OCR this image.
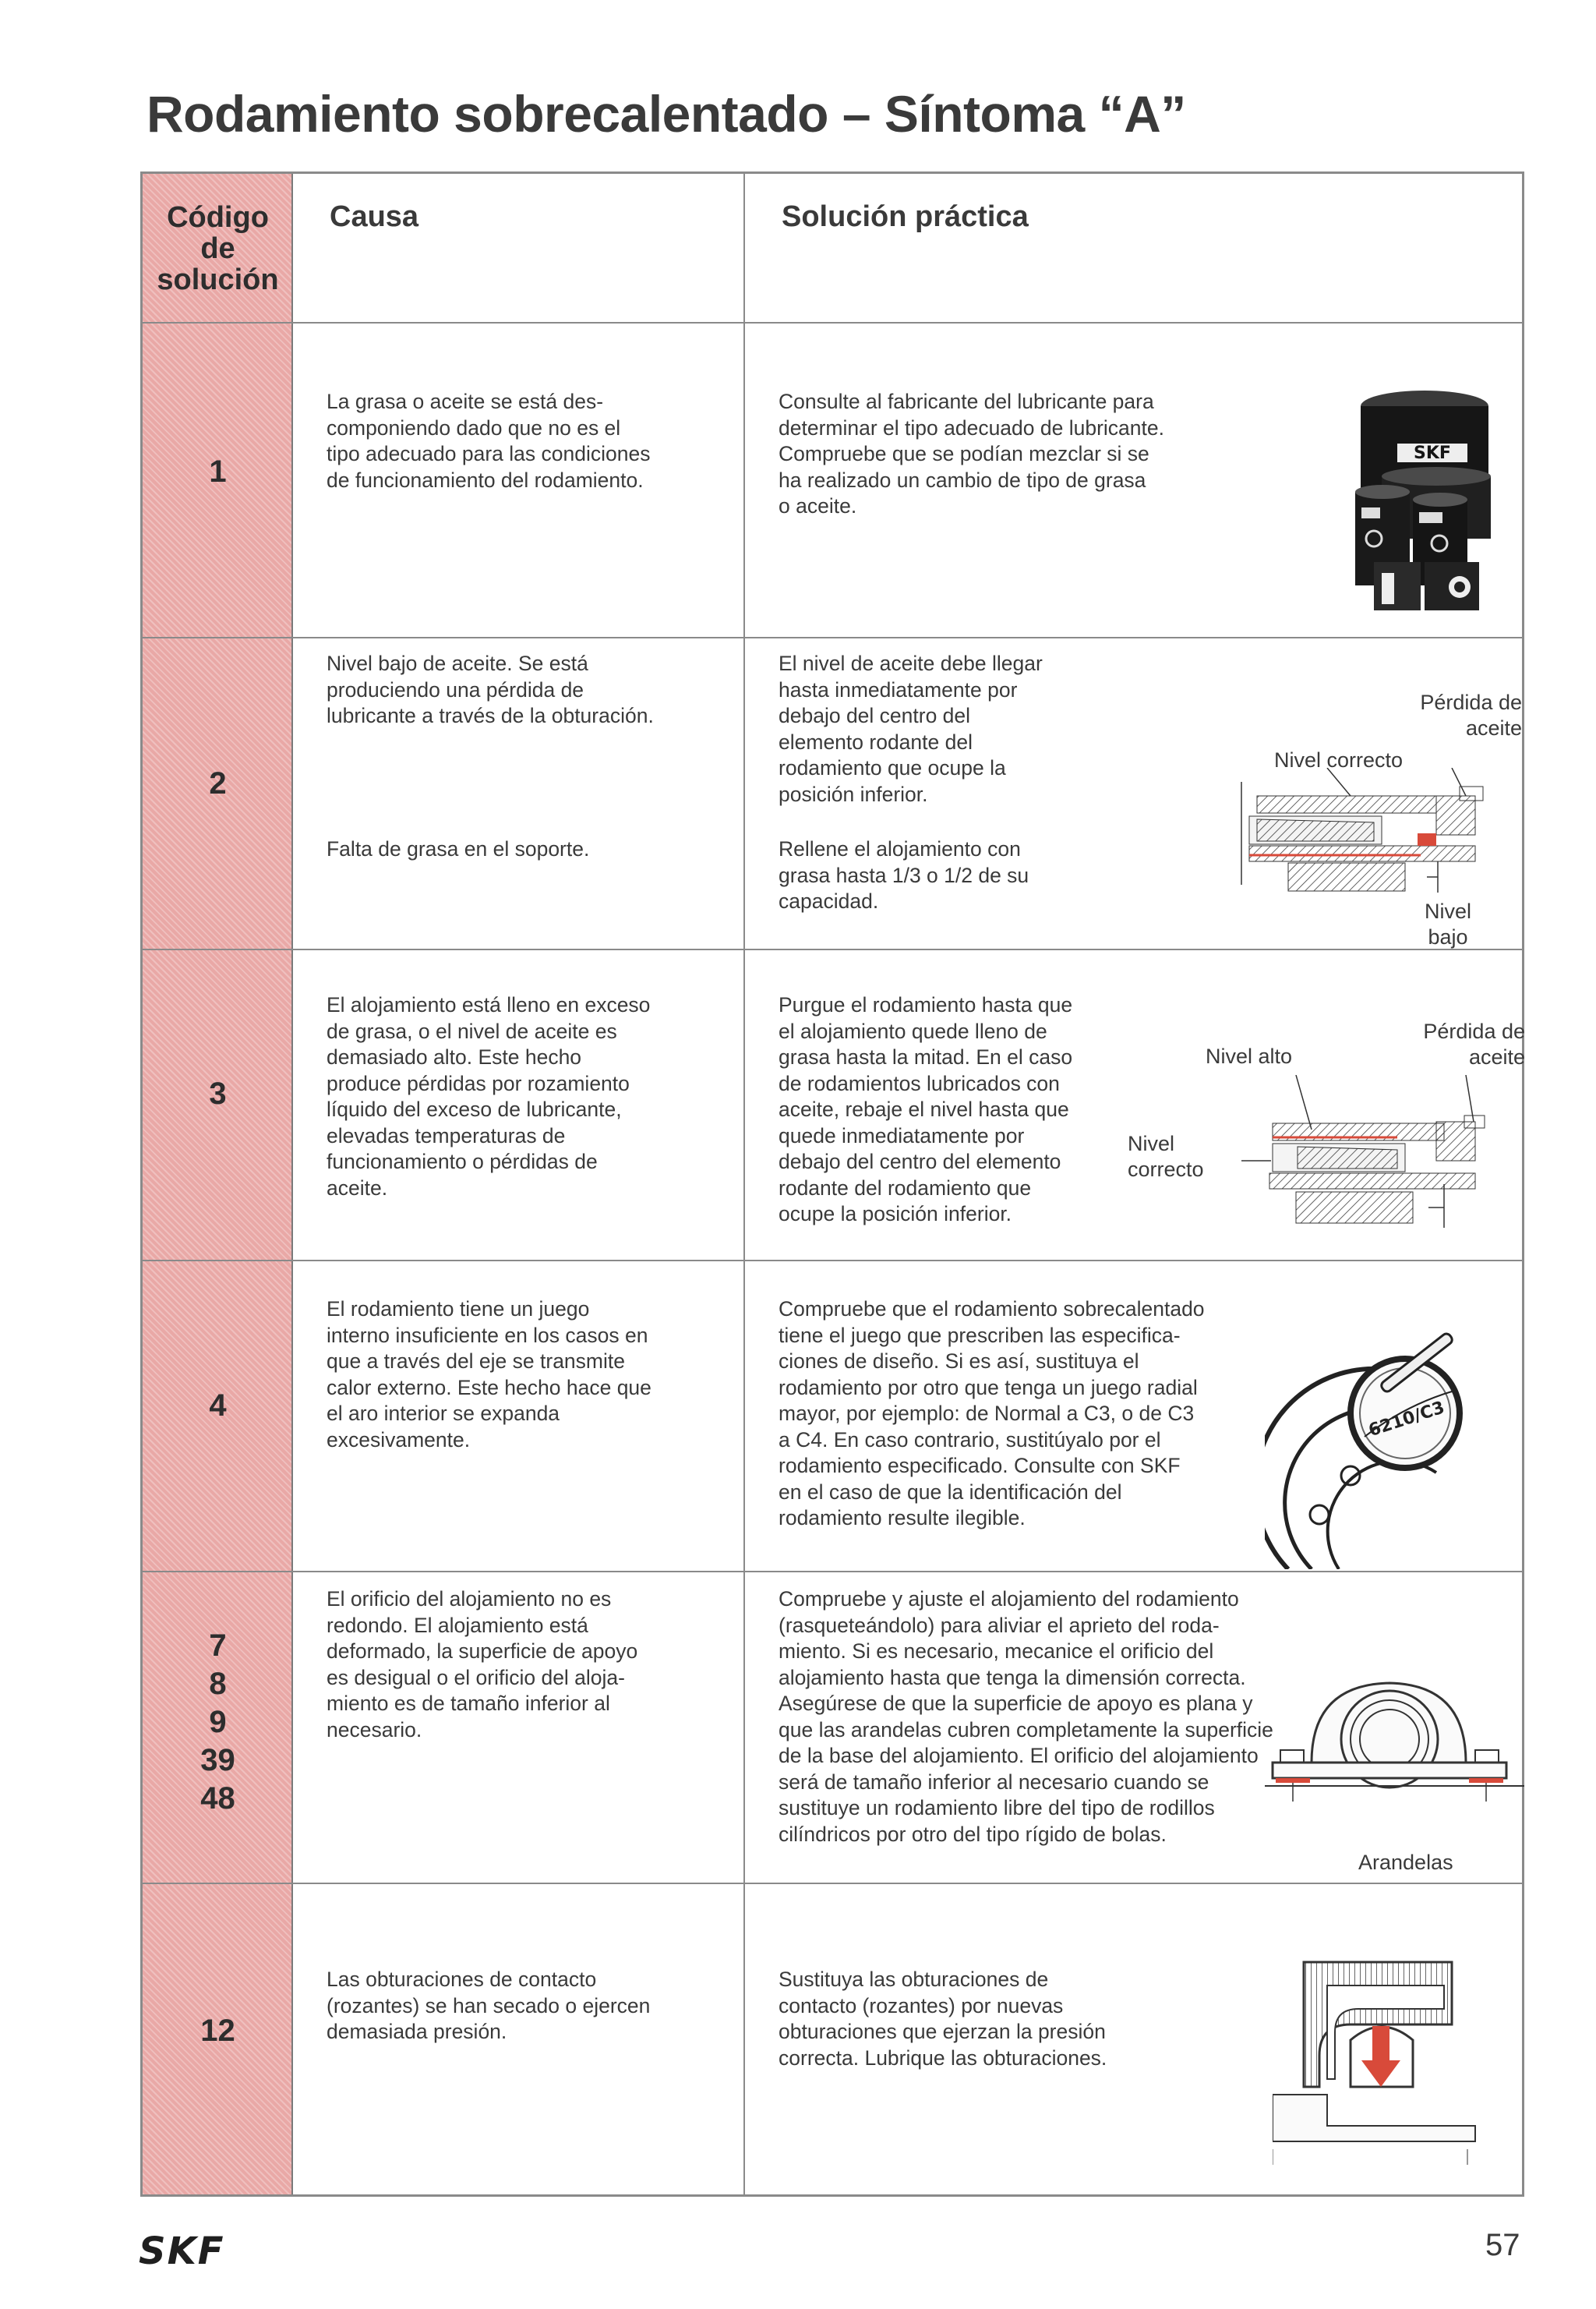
Rodamiento sobrecalentado – Síntoma “A”
Código
de
solución
Causa	Solución práctica
1
La grasa o aceite se está des-
componiendo dado que no es el
tipo adecuado para las condiciones
de funcionamiento del rodamiento.
Consulte al fabricante del lubricante para
determinar el tipo adecuado de lubricante.
Compruebe que se podían mezclar si se
ha realizado un cambio de tipo de grasa
o aceite.
SKF
2
Nivel bajo de aceite. Se está
produciendo una pérdida de
lubricante a través de la obturación.
Falta de grasa en el soporte.
El nivel de aceite debe llegar
hasta inmediatamente por
debajo del centro del
elemento rodante del
rodamiento que ocupe la
posición inferior.
Rellene el alojamiento con
grasa hasta 1/3 o 1/2 de su
capacidad.
Pérdida de
aceite
Nivel correcto
Nivel
bajo
3
El alojamiento está lleno en exceso
de grasa, o el nivel de aceite es
demasiado alto. Este hecho
produce pérdidas por rozamiento
líquido del exceso de lubricante,
elevadas temperaturas de
funcionamiento o pérdidas de
aceite.
Purgue el rodamiento hasta que
el alojamiento quede lleno de
grasa hasta la mitad. En el caso
de rodamientos lubricados con
aceite, rebaje el nivel hasta que
quede inmediatamente por
debajo del centro del elemento
rodante del rodamiento que
ocupe la posición inferior.
Nivel alto
Pérdida de
aceite
Nivel
correcto
4
El rodamiento tiene un juego
interno insuficiente en los casos en
que a través del eje se transmite
calor externo. Este hecho hace que
el aro interior se expanda
excesivamente.
Compruebe que el rodamiento sobrecalentado
tiene el juego que prescriben las especifica-
ciones de diseño. Si es así, sustituya el
rodamiento por otro que tenga un juego radial
mayor, por ejemplo: de Normal a C3, o de C3
a C4. En caso contrario, sustitúyalo por el
rodamiento especificado. Consulte con SKF
en el caso de que la identificación del
rodamiento resulte ilegible.
6210/C3
7
8
9
39
48
El orificio del alojamiento no es
redondo. El alojamiento está
deformado, la superficie de apoyo
es desigual o el orificio del aloja-
miento es de tamaño inferior al
necesario.
Compruebe y ajuste el alojamiento del rodamiento
(rasqueteándolo) para aliviar el aprieto del roda-
miento. Si es necesario, mecanice el orificio del
alojamiento hasta que tenga la dimensión correcta.
Asegúrese de que la superficie de apoyo es plana y
que las arandelas cubren completamente la superficie
de la base del alojamiento. El orificio del alojamiento
será de tamaño inferior al necesario cuando se
sustituye un rodamiento libre del tipo de rodillos
cilíndricos por otro del tipo rígido de bolas.
Arandelas
12
Las obturaciones de contacto
(rozantes) se han secado o ejercen
demasiada presión.
Sustituya las obturaciones de
contacto (rozantes) por nuevas
obturaciones que ejerzan la presión
correcta. Lubrique las obturaciones.
SKF	57
